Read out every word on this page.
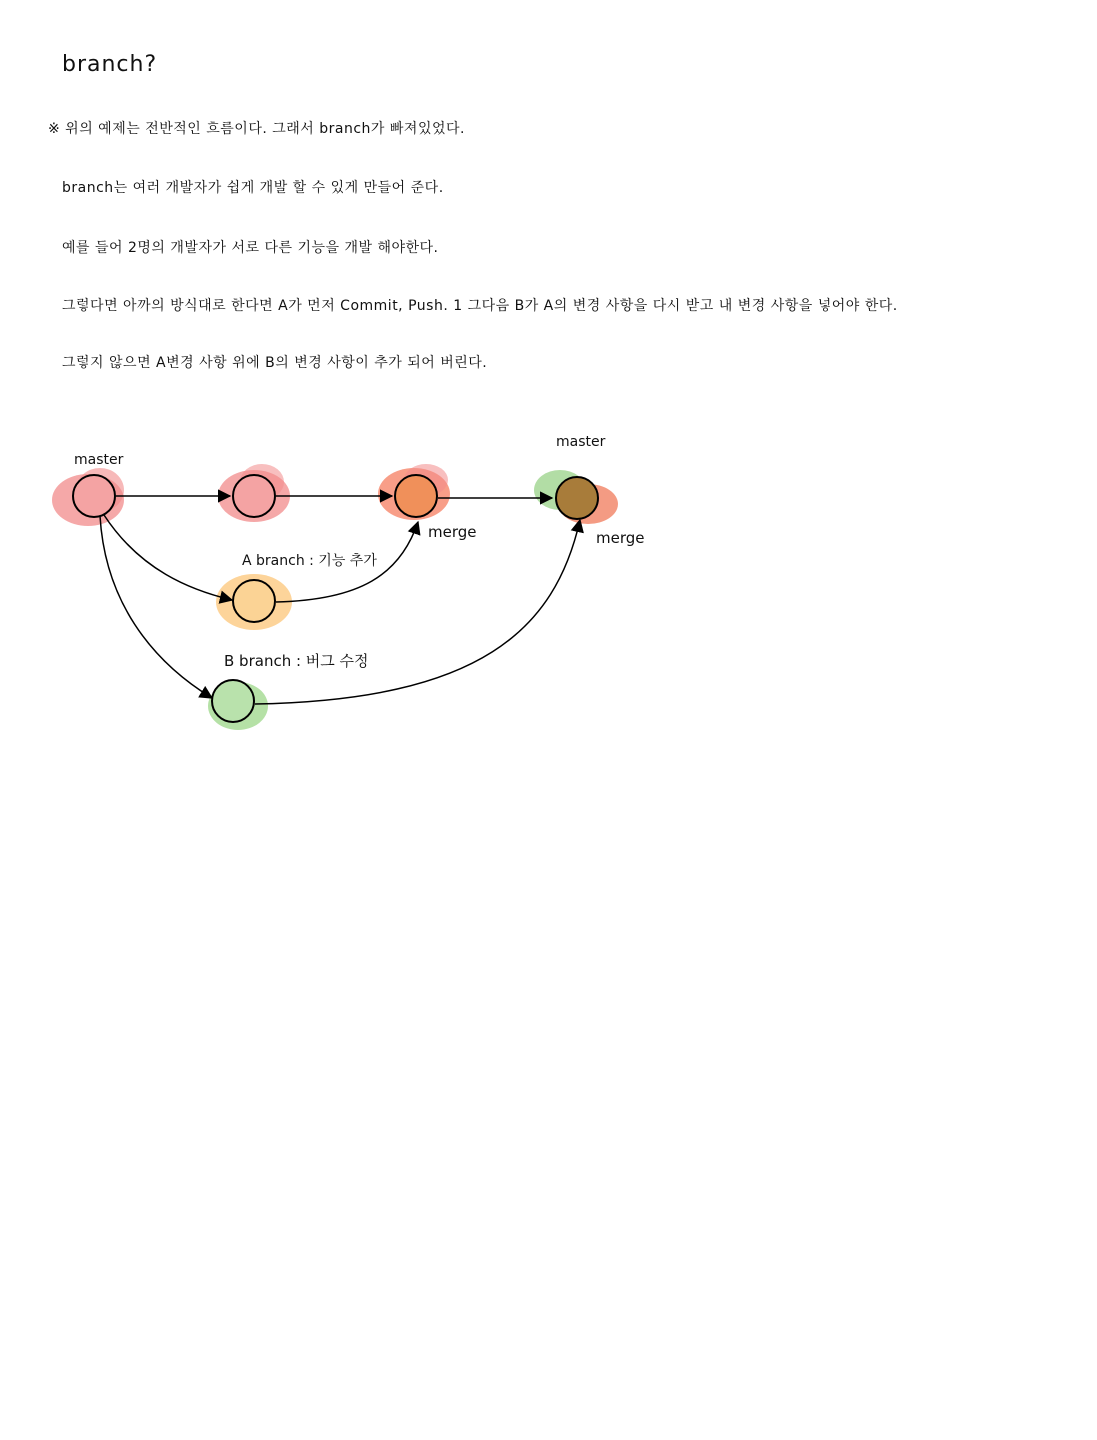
branch?
※ 위의 예제는 전반적인 흐름이다. 그래서 branch가 빠져있었다.
branch는 여러 개발자가 쉽게 개발 할 수 있게 만들어 준다.
예를 들어 2명의 개발자가 서로 다른 기능을 개발 해야한다.
그렇다면 아까의 방식대로 한다면 A가 먼저 Commit, Push. 1 그다음 B가 A의 변경 사항을 다시 받고 내 변경 사항을 넣어야 한다.
그렇지 않으면 A변경 사항 위에 B의 변경 사항이 추가 되어 버린다.
master
master
merge	merge
A branch : 기능 추가
B branch : 버그 수정
